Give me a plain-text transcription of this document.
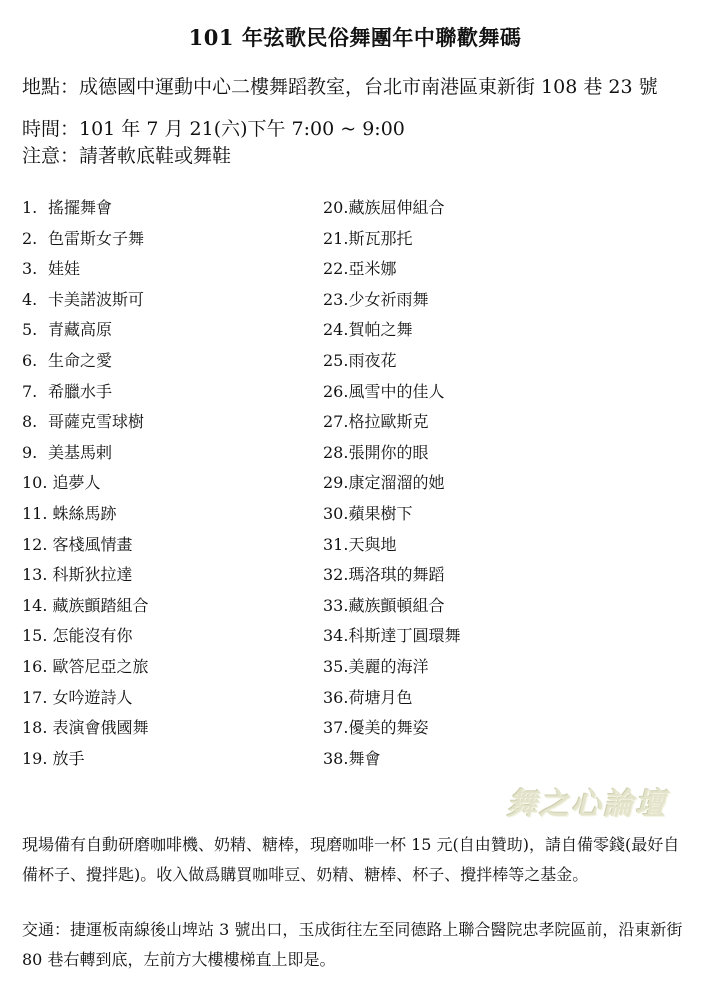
101 年弦歌民俗舞團年中聯歡舞碼
地點：成德國中運動中心二樓舞蹈教室，台北市南港區東新街 108 巷 23 號
時間：101 年 7 月 21(六)下午 7:00 ~ 9:00
注意：請著軟底鞋或舞鞋
1. 搖擺舞會
2. 色雷斯女子舞
3. 娃娃
4. 卡美諾波斯可
5. 青藏高原
6. 生命之愛
7. 希臘水手
8. 哥薩克雪球樹
9. 美基馬剌
10. 追夢人
11. 蛛絲馬跡
12. 客棧風情畫
13. 科斯狄拉達
14. 藏族顫踏組合
15. 怎能沒有你
16. 歐答尼亞之旅
17. 女吟遊詩人
18. 表演會俄國舞
19. 放手
20.藏族屈伸組合
21.斯瓦那托
22.亞米娜
23.少女祈雨舞
24.賀帕之舞
25.雨夜花
26.風雪中的佳人
27.格拉歐斯克
28.張開你的眼
29.康定溜溜的她
30.蘋果樹下
31.天與地
32.瑪洛琪的舞蹈
33.藏族顫頓組合
34.科斯達丁圓環舞
35.美麗的海洋
36.荷塘月色
37.優美的舞姿
38.舞會
舞之心論壇
現場備有自動研磨咖啡機、奶精、糖棒，現磨咖啡一杯 15 元(自由贊助)，請自備零錢(最好自備杯子、攪拌匙)。收入做爲購買咖啡豆、奶精、糖棒、杯子、攪拌棒等之基金。
交通：捷運板南線後山埤站 3 號出口，玉成街往左至同德路上聯合醫院忠孝院區前，沿東新街 80 巷右轉到底，左前方大樓樓梯直上即是。
